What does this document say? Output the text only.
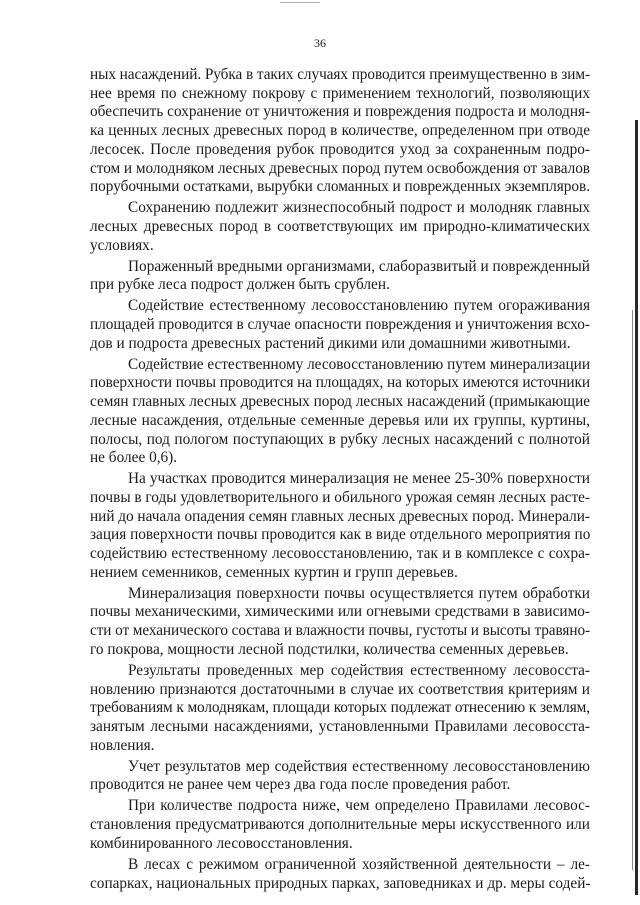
36

ных насаждений. Рубка в таких случаях проводится преимущественно в зим-
нее время по снежному покрову с применением технологий, позволяющих
обеспечить сохранение от уничтожения и повреждения подроста и молодня-
ка ценных лесных древесных пород в количестве, определенном при отводе
лесосек. После проведения рубок проводится уход за сохраненным подро-
стом и молодняком лесных древесных пород путем освобождения от завалов
порубочными остатками, вырубки сломанных и поврежденных экземпляров.

Сохранению подлежит жизнеспособный подрост и молодняк главных
лесных древесных пород в соответствующих им природно-климатических
условиях.

Пораженный вредными организмами, слаборазвитый и поврежденный
при рубке леса подрост должен быть срублен.

Содействие естественному лесовосстановлению путем огораживания
площадей проводится в случае опасности повреждения и уничтожения всхо-
дов и подроста древесных растений дикими или домашними животными.

Содействие естественному лесовосстановлению путем минерализации
поверхности почвы проводится на площадях, на которых имеются источники
семян главных лесных древесных пород лесных насаждений (примыкающие
лесные насаждения, отдельные семенные деревья или их группы, куртины,
полосы, под пологом поступающих в рубку лесных насаждений с полнотой
не более 0,6).

На участках проводится минерализация не менее 25-30% поверхности
почвы в годы удовлетворительного и обильного урожая семян лесных расте-
ний до начала опадения семян главных лесных древесных пород. Минерали-
зация поверхности почвы проводится как в виде отдельного мероприятия по
содействию естественному лесовосстановлению, так и в комплексе с сохра-
нением семенников, семенных куртин и групп деревьев.

Минерализация поверхности почвы осуществляется путем обработки
почвы механическими, химическими или огневыми средствами в зависимо-
сти от механического состава и влажности почвы, густоты и высоты травяно-
го покрова, мощности лесной подстилки, количества семенных деревьев.

Результаты проведенных мер содействия естественному лесовосста-
новлению признаются достаточными в случае их соответствия критериям и
требованиям к молоднякам, площади которых подлежат отнесению к землям,
занятым лесными насаждениями, установленными Правилами лесовосста-
новления.

Учет результатов мер содействия естественному лесовосстановлению
проводится не ранее чем через два года после проведения работ.

При количестве подроста ниже, чем определено Правилами лесовос-
становления предусматриваются дополнительные меры искусственного или
комбинированного лесовосстановления.

В лесах с режимом ограниченной хозяйственной деятельности – ле-
сопарках, национальных природных парках, заповедниках и др. меры содей-
